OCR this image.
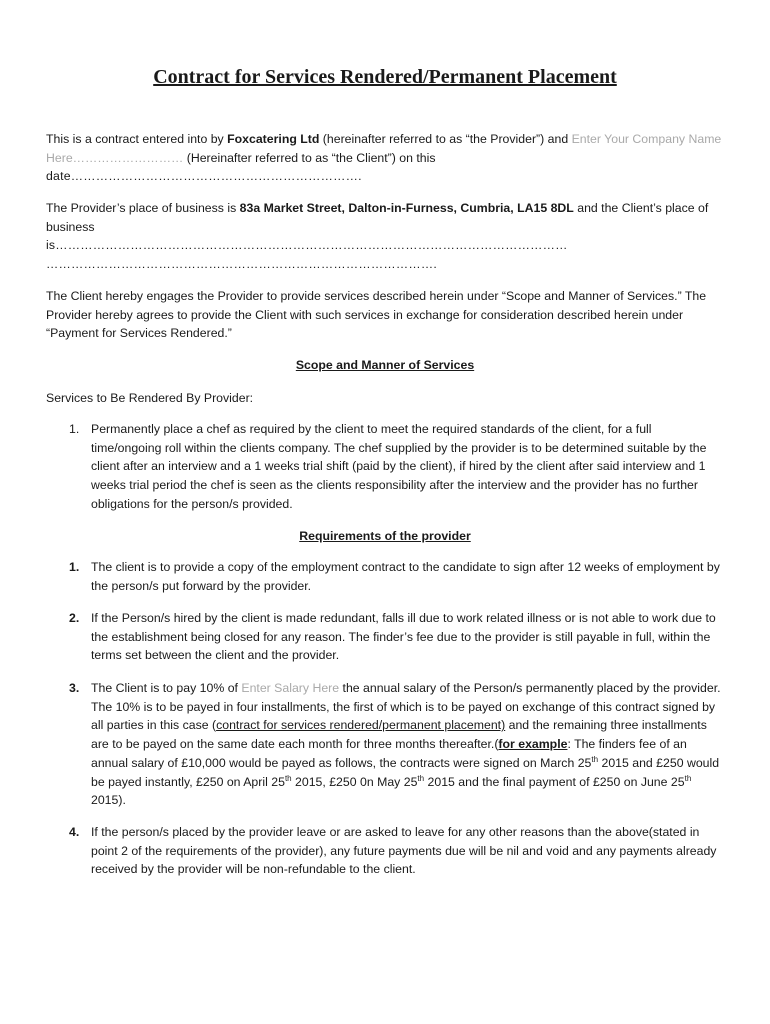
Contract for Services Rendered/Permanent Placement

This is a contract entered into by Foxcatering Ltd (hereinafter referred to as “the Provider”) and Enter Your Company Name Here……………………… (Hereinafter referred to as “the Client”) on this

date…………………………………………………………….

The Provider’s place of business is 83a Market Street, Dalton-in-Furness, Cumbria, LA15 8DL and the Client’s place of business

is……………………………………………………………………………………………………………

………………………………………………………………………………….

The Client hereby engages the Provider to provide services described herein under “Scope and Manner of Services.” The Provider hereby agrees to provide the Client with such services in exchange for consideration described herein under “Payment for Services Rendered.”
Scope and Manner of Services
Services to Be Rendered By Provider:
1. Permanently place a chef as required by the client to meet the required standards of the client, for a full time/ongoing roll within the clients company. The chef supplied by the provider is to be determined suitable by the client after an interview and a 1 weeks trial shift (paid by the client), if hired by the client after said interview and 1 weeks trial period the chef is seen as the clients responsibility after the interview and the provider has no further obligations for the person/s provided.

Requirements of the provider
1. The client is to provide a copy of the employment contract to the candidate to sign after 12 weeks of employment by the person/s put forward by the provider.

2. If the Person/s hired by the client is made redundant, falls ill due to work related illness or is not able to work due to the establishment being closed for any reason. The finder’s fee due to the provider is still payable in full, within the terms set between the client and the provider.

3. The Client is to pay 10% of Enter Salary Here the annual salary of the Person/s permanently placed by the provider. The 10% is to be payed in four installments, the first of which is to be payed on exchange of this contract signed by all parties in this case (contract for services rendered/permanent placement) and the remaining three installments are to be payed on the same date each month for three months thereafter.(for example: The finders fee of an annual salary of £10,000 would be payed as follows, the contracts were signed on March 25th 2015 and £250 would be payed instantly, £250 on April 25th 2015, £250 0n May 25th 2015 and the final payment of £250 on June 25th 2015).

4. If the person/s placed by the provider leave or are asked to leave for any other reasons than the above(stated in point 2 of the requirements of the provider), any future payments due will be nil and void and any payments already received by the provider will be non-refundable to the client.
